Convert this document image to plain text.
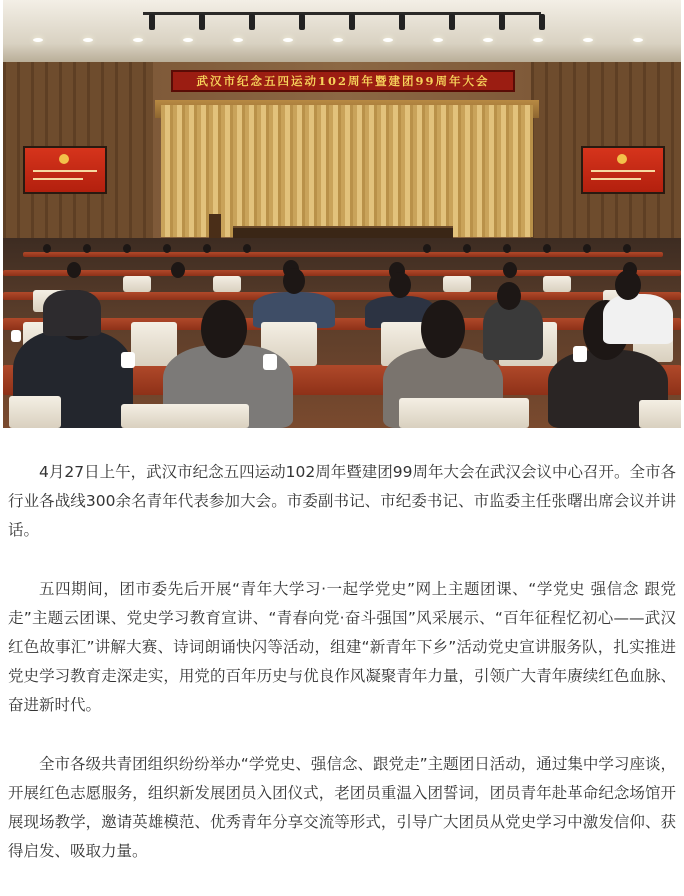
武汉市纪念五四运动102周年暨建团99周年大会

4月27日上午，武汉市纪念五四运动102周年暨建团99周年大会在武汉会议中心召开。全市各行业各战线300余名青年代表参加大会。市委副书记、市纪委书记、市监委主任张曙出席会议并讲话。

五四期间，团市委先后开展“青年大学习·一起学党史”网上主题团课、“学党史 强信念 跟党走”主题云团课、党史学习教育宣讲、“青春向党·奋斗强国”风采展示、“百年征程忆初心——武汉红色故事汇”讲解大赛、诗词朗诵快闪等活动，组建“新青年下乡”活动党史宣讲服务队，扎实推进党史学习教育走深走实，用党的百年历史与优良作风凝聚青年力量，引领广大青年赓续红色血脉、奋进新时代。

全市各级共青团组织纷纷举办“学党史、强信念、跟党走”主题团日活动，通过集中学习座谈，开展红色志愿服务，组织新发展团员入团仪式，老团员重温入团誓词，团员青年赴革命纪念场馆开展现场教学，邀请英雄模范、优秀青年分享交流等形式，引导广大团员从党史学习中激发信仰、获得启发、吸取力量。
